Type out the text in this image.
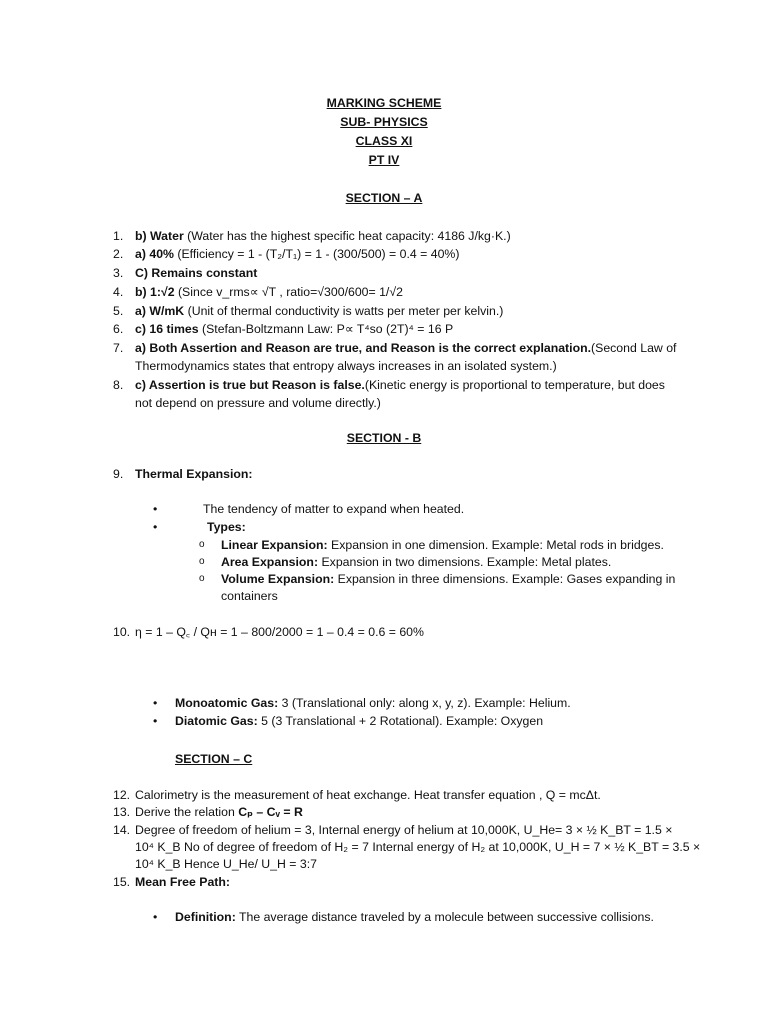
MARKING SCHEME
SUB- PHYSICS
CLASS XI
PT IV
SECTION – A
1. b) Water (Water has the highest specific heat capacity: 4186 J/kg·K.)
2. a) 40% (Efficiency = 1 - (T₂/T₁) = 1 - (300/500) = 0.4 = 40%)
3. C) Remains constant
4. b) 1:√2 (Since v_rms∝ √T , ratio=√300/600= 1/√2
5. a) W/mK (Unit of thermal conductivity is watts per meter per kelvin.)
6. c) 16 times (Stefan-Boltzmann Law: P∝ T⁴so (2T)⁴ = 16 P
7. a) Both Assertion and Reason are true, and Reason is the correct explanation.(Second Law of
Thermodynamics states that entropy always increases in an isolated system.)
8. c) Assertion is true but Reason is false.(Kinetic energy is proportional to temperature, but does
not depend on pressure and volume directly.)
SECTION - B
9. Thermal Expansion:
•	The tendency of matter to expand when heated.
•	Types:
o Linear Expansion: Expansion in one dimension. Example: Metal rods in bridges.
o Area Expansion: Expansion in two dimensions. Example: Metal plates.
o Volume Expansion: Expansion in three dimensions. Example: Gases expanding in
containers
10. η = 1 – Q꜀ / Qн = 1 – 800/2000 = 1 – 0.4 = 0.6 = 60%
• Monoatomic Gas: 3 (Translational only: along x, y, z). Example: Helium.
• Diatomic Gas: 5 (3 Translational + 2 Rotational). Example: Oxygen
SECTION – C
12. Calorimetry is the measurement of heat exchange. Heat transfer equation , Q = mcΔt.
13. Derive the relation Cₚ – Cᵥ = R
14. Degree of freedom of helium = 3, Internal energy of helium at 10,000K, U_He= 3 × ½ K_BT = 1.5 ×
10⁴ K_B No of degree of freedom of H₂ = 7 Internal energy of H₂ at 10,000K, U_H = 7 × ½ K_BT = 3.5 ×
10⁴ K_B Hence U_He/ U_H = 3:7
15. Mean Free Path:
• Definition: The average distance traveled by a molecule between successive collisions.
